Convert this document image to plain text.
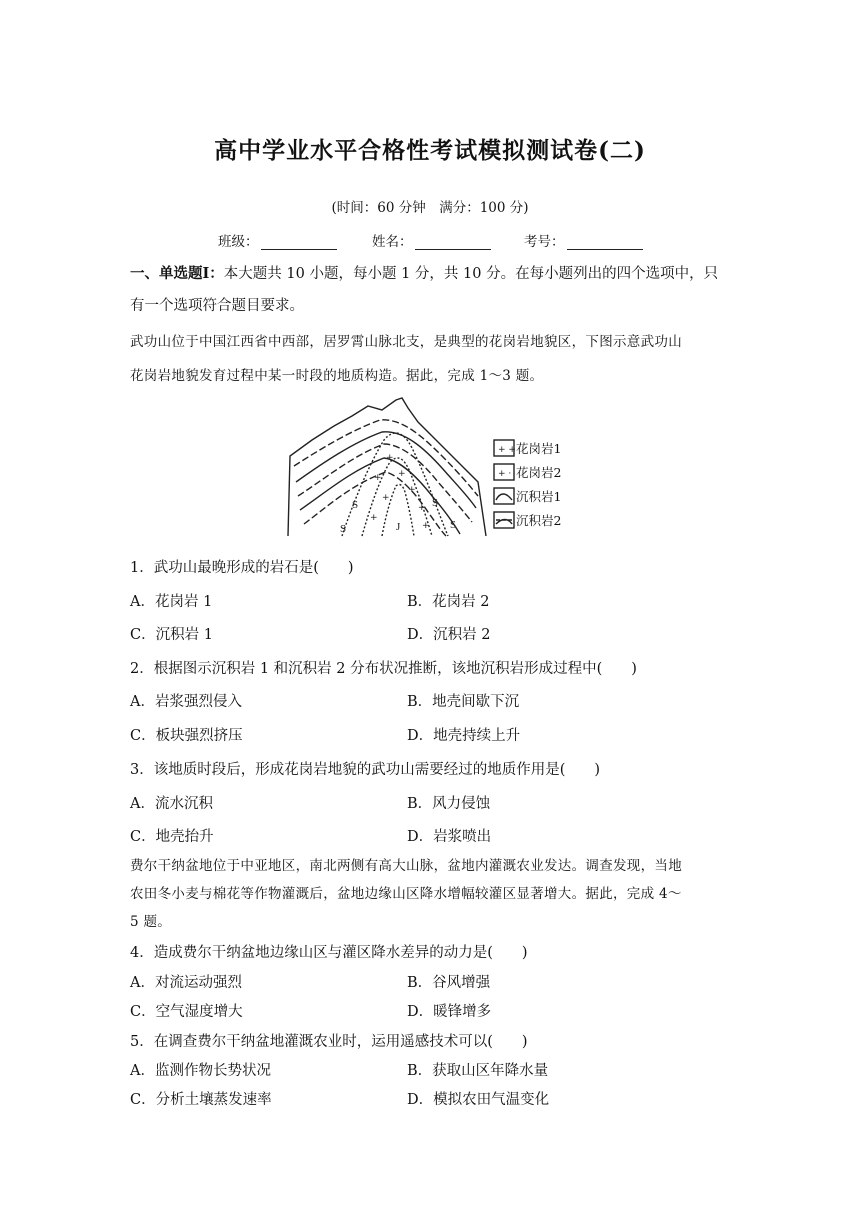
高中学业水平合格性考试模拟测试卷(二)
(时间：60 分钟　满分：100 分)
班级：	姓名：	考号：
一、单选题Ⅰ：本大题共 10 小题，每小题 1 分，共 10 分。在每小题列出的四个选项中，只
有一个选项符合题目要求。
武功山位于中国江西省中西部，居罗霄山脉北支，是典型的花岗岩地貌区，下图示意武功山
花岗岩地貌发育过程中某一时段的地质构造。据此，完成 1～3 题。
+
+ +
+
+
+
+
+
+ +
+ ·
S
S	S
S
J
花岗岩1
花岗岩2
沉积岩1
沉积岩2
1．武功山最晚形成的岩石是(　　)
A．花岗岩 1	B．花岗岩 2
C．沉积岩 1	D．沉积岩 2
2．根据图示沉积岩 1 和沉积岩 2 分布状况推断，该地沉积岩形成过程中(　　)
A．岩浆强烈侵入	B．地壳间歇下沉
C．板块强烈挤压	D．地壳持续上升
3．该地质时段后，形成花岗岩地貌的武功山需要经过的地质作用是(　　)
A．流水沉积	B．风力侵蚀
C．地壳抬升	D．岩浆喷出
费尔干纳盆地位于中亚地区，南北两侧有高大山脉，盆地内灌溉农业发达。调查发现，当地
农田冬小麦与棉花等作物灌溉后，盆地边缘山区降水增幅较灌区显著增大。据此，完成 4～
5 题。
4．造成费尔干纳盆地边缘山区与灌区降水差异的动力是(　　)
A．对流运动强烈	B．谷风增强
C．空气湿度增大	D．暖锋增多
5．在调查费尔干纳盆地灌溉农业时，运用遥感技术可以(　　)
A．监测作物长势状况	B．获取山区年降水量
C．分析土壤蒸发速率	D．模拟农田气温变化
